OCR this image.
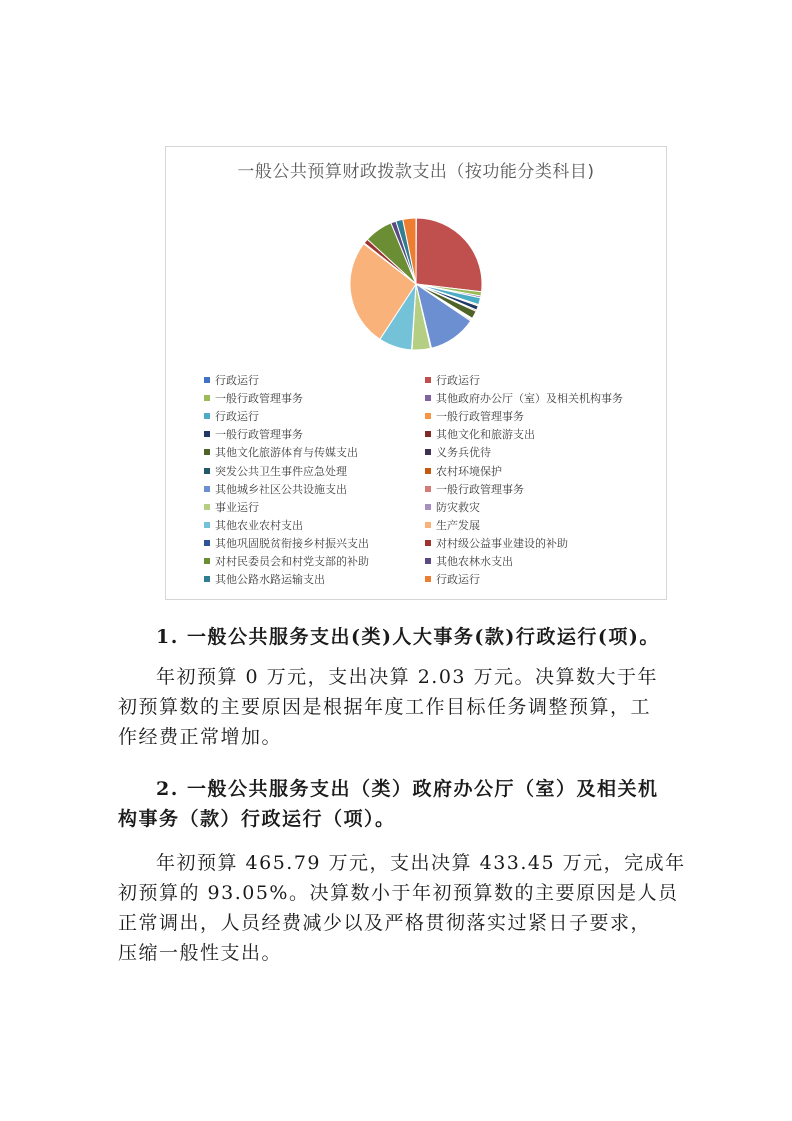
一般公共预算财政拨款支出（按功能分类科目)
行政运行	行政运行
一般行政管理事务	其他政府办公厅（室）及相关机构事务
行政运行	一般行政管理事务
一般行政管理事务	其他文化和旅游支出
其他文化旅游体育与传媒支出	义务兵优待
突发公共卫生事件应急处理	农村环境保护
其他城乡社区公共设施支出	一般行政管理事务
事业运行	防灾救灾
其他农业农村支出	生产发展
其他巩固脱贫衔接乡村振兴支出	对村级公益事业建设的补助
对村民委员会和村党支部的补助	其他农林水支出
其他公路水路运输支出	行政运行
1. 一般公共服务支出(类)人大事务(款)行政运行(项)。
年初预算 0 万元，支出决算 2.03 万元。决算数大于年
初预算数的主要原因是根据年度工作目标任务调整预算，工
作经费正常增加。
2. 一般公共服务支出（类）政府办公厅（室）及相关机
构事务（款）行政运行（项）。
年初预算 465.79 万元，支出决算 433.45 万元，完成年
初预算的 93.05%。决算数小于年初预算数的主要原因是人员
正常调出，人员经费减少以及严格贯彻落实过紧日子要求，
压缩一般性支出。
